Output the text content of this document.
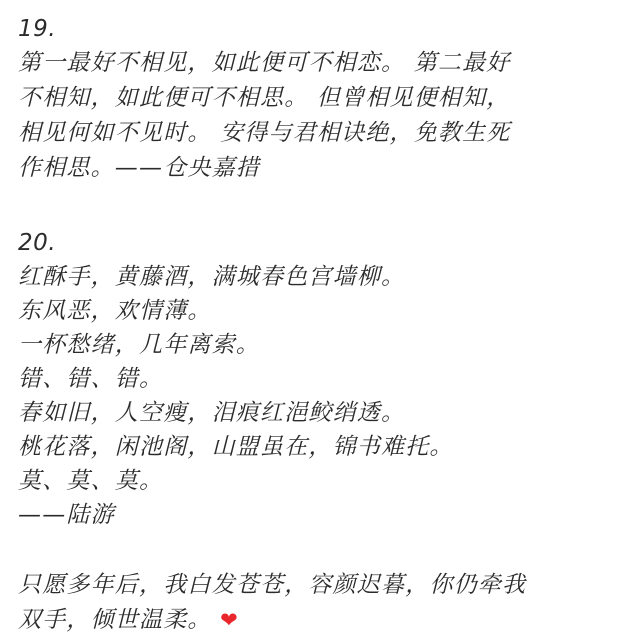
19.
第一最好不相见，如此便可不相恋。 第二最好
不相知，如此便可不相思。 但曾相见便相知，
相见何如不见时。 安得与君相诀绝，免教生死
作相思。——仓央嘉措
20.
红酥手，黄藤酒，满城春色宫墙柳。
东风恶，欢情薄。
一杯愁绪，几年离索。
错、错、错。
春如旧，人空瘦，泪痕红浥鲛绡透。
桃花落，闲池阁，山盟虽在，锦书难托。
莫、莫、莫。
——陆游
只愿多年后，我白发苍苍，容颜迟暮，你仍牵我
双手，倾世温柔。 ❤
